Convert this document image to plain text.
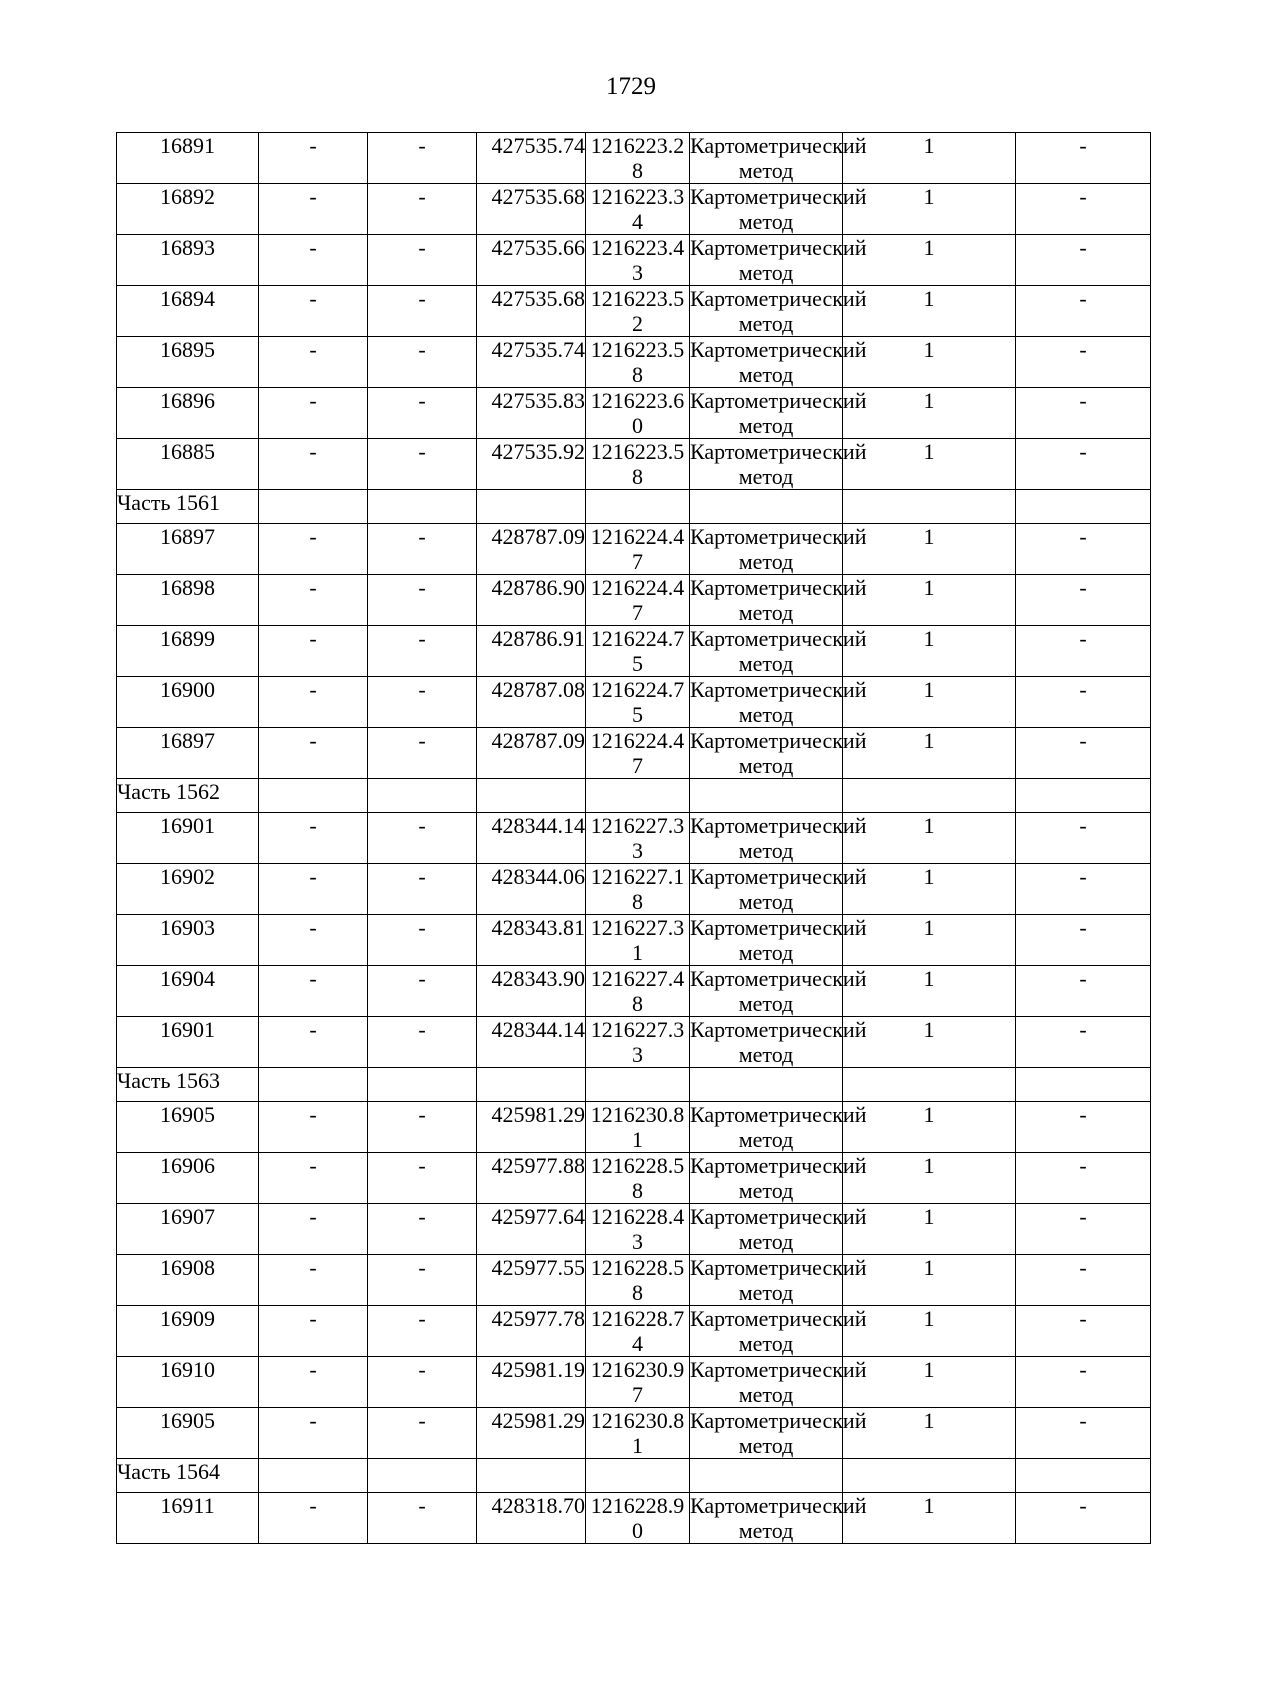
1729
16891	-	-	427535.74	1216223.28	Картометрический метод	1	-
16892	-	-	427535.68	1216223.34	Картометрический метод	1	-
16893	-	-	427535.66	1216223.43	Картометрический метод	1	-
16894	-	-	427535.68	1216223.52	Картометрический метод	1	-
16895	-	-	427535.74	1216223.58	Картометрический метод	1	-
16896	-	-	427535.83	1216223.60	Картометрический метод	1	-
16885	-	-	427535.92	1216223.58	Картометрический метод	1	-
Часть 1561							
16897	-	-	428787.09	1216224.47	Картометрический метод	1	-
16898	-	-	428786.90	1216224.47	Картометрический метод	1	-
16899	-	-	428786.91	1216224.75	Картометрический метод	1	-
16900	-	-	428787.08	1216224.75	Картометрический метод	1	-
16897	-	-	428787.09	1216224.47	Картометрический метод	1	-
Часть 1562							
16901	-	-	428344.14	1216227.33	Картометрический метод	1	-
16902	-	-	428344.06	1216227.18	Картометрический метод	1	-
16903	-	-	428343.81	1216227.31	Картометрический метод	1	-
16904	-	-	428343.90	1216227.48	Картометрический метод	1	-
16901	-	-	428344.14	1216227.33	Картометрический метод	1	-
Часть 1563							
16905	-	-	425981.29	1216230.81	Картометрический метод	1	-
16906	-	-	425977.88	1216228.58	Картометрический метод	1	-
16907	-	-	425977.64	1216228.43	Картометрический метод	1	-
16908	-	-	425977.55	1216228.58	Картометрический метод	1	-
16909	-	-	425977.78	1216228.74	Картометрический метод	1	-
16910	-	-	425981.19	1216230.97	Картометрический метод	1	-
16905	-	-	425981.29	1216230.81	Картометрический метод	1	-
Часть 1564							
16911	-	-	428318.70	1216228.90	Картометрический метод	1	-
